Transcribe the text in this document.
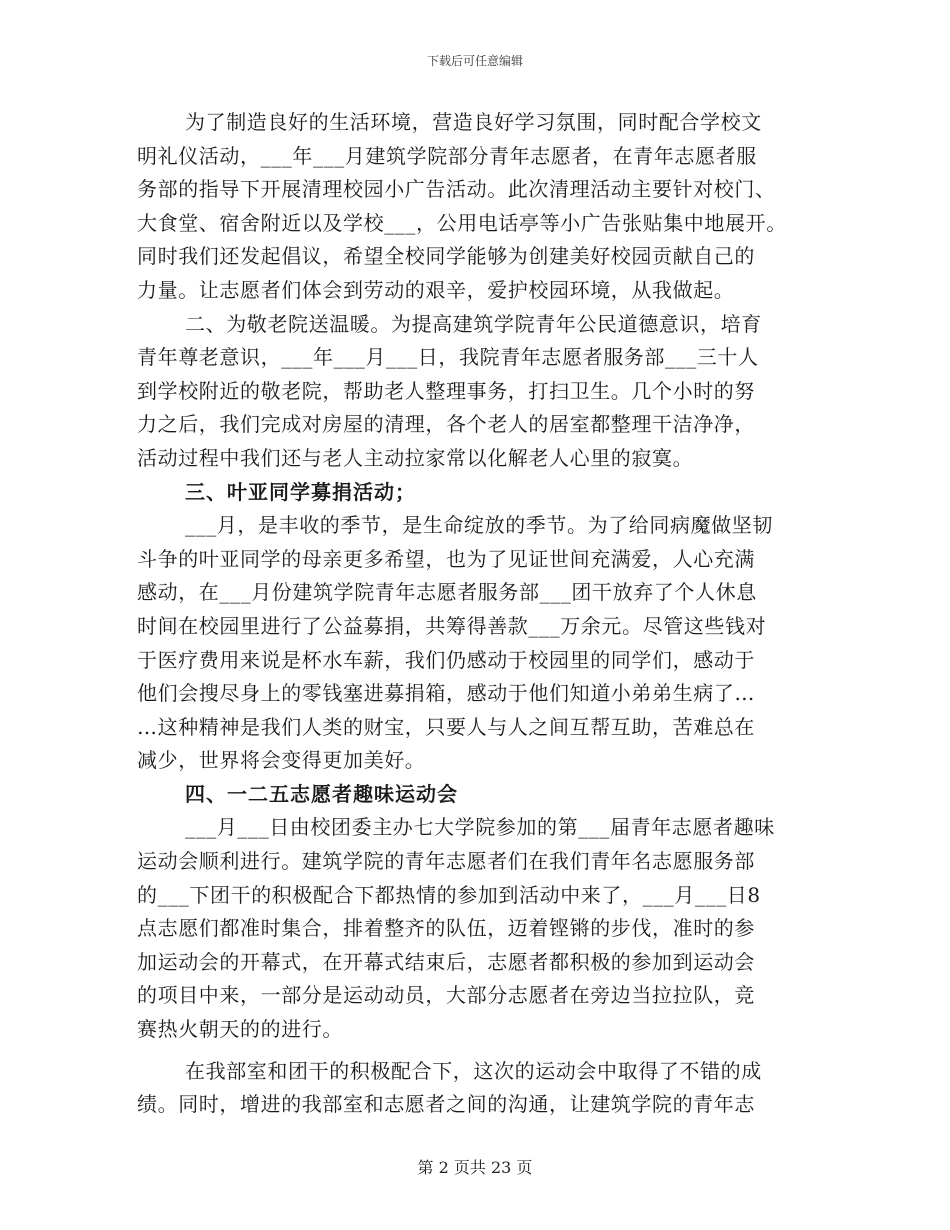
下载后可任意编辑
为了制造良好的生活环境，营造良好学习氛围，同时配合学校文
明礼仪活动，___年___月建筑学院部分青年志愿者，在青年志愿者服
务部的指导下开展清理校园小广告活动。此次清理活动主要针对校门、
大食堂、宿舍附近以及学校___，公用电话亭等小广告张贴集中地展开。
同时我们还发起倡议，希望全校同学能够为创建美好校园贡献自己的
力量。让志愿者们体会到劳动的艰辛，爱护校园环境，从我做起。
二、为敬老院送温暖。为提高建筑学院青年公民道德意识，培育
青年尊老意识，___年___月___日，我院青年志愿者服务部___三十人
到学校附近的敬老院，帮助老人整理事务，打扫卫生。几个小时的努
力之后，我们完成对房屋的清理，各个老人的居室都整理干洁净净，
活动过程中我们还与老人主动拉家常以化解老人心里的寂寞。
三、叶亚同学募捐活动；
___月，是丰收的季节，是生命绽放的季节。为了给同病魔做坚韧
斗争的叶亚同学的母亲更多希望，也为了见证世间充满爱，人心充满
感动，在___月份建筑学院青年志愿者服务部___团干放弃了个人休息
时间在校园里进行了公益募捐，共筹得善款___万余元。尽管这些钱对
于医疗费用来说是杯水车薪，我们仍感动于校园里的同学们，感动于
他们会搜尽身上的零钱塞进募捐箱，感动于他们知道小弟弟生病了…
…这种精神是我们人类的财宝，只要人与人之间互帮互助，苦难总在
减少，世界将会变得更加美好。
四、一二五志愿者趣味运动会
___月___日由校团委主办七大学院参加的第___届青年志愿者趣味
运动会顺利进行。建筑学院的青年志愿者们在我们青年名志愿服务部
的___下团干的积极配合下都热情的参加到活动中来了，___月___日8
点志愿们都准时集合，排着整齐的队伍，迈着铿锵的步伐，准时的参
加运动会的开幕式，在开幕式结束后，志愿者都积极的参加到运动会
的项目中来，一部分是运动动员，大部分志愿者在旁边当拉拉队，竞
赛热火朝天的的进行。
在我部室和团干的积极配合下，这次的运动会中取得了不错的成
绩。同时，增进的我部室和志愿者之间的沟通，让建筑学院的青年志
第 2 页共 23 页
